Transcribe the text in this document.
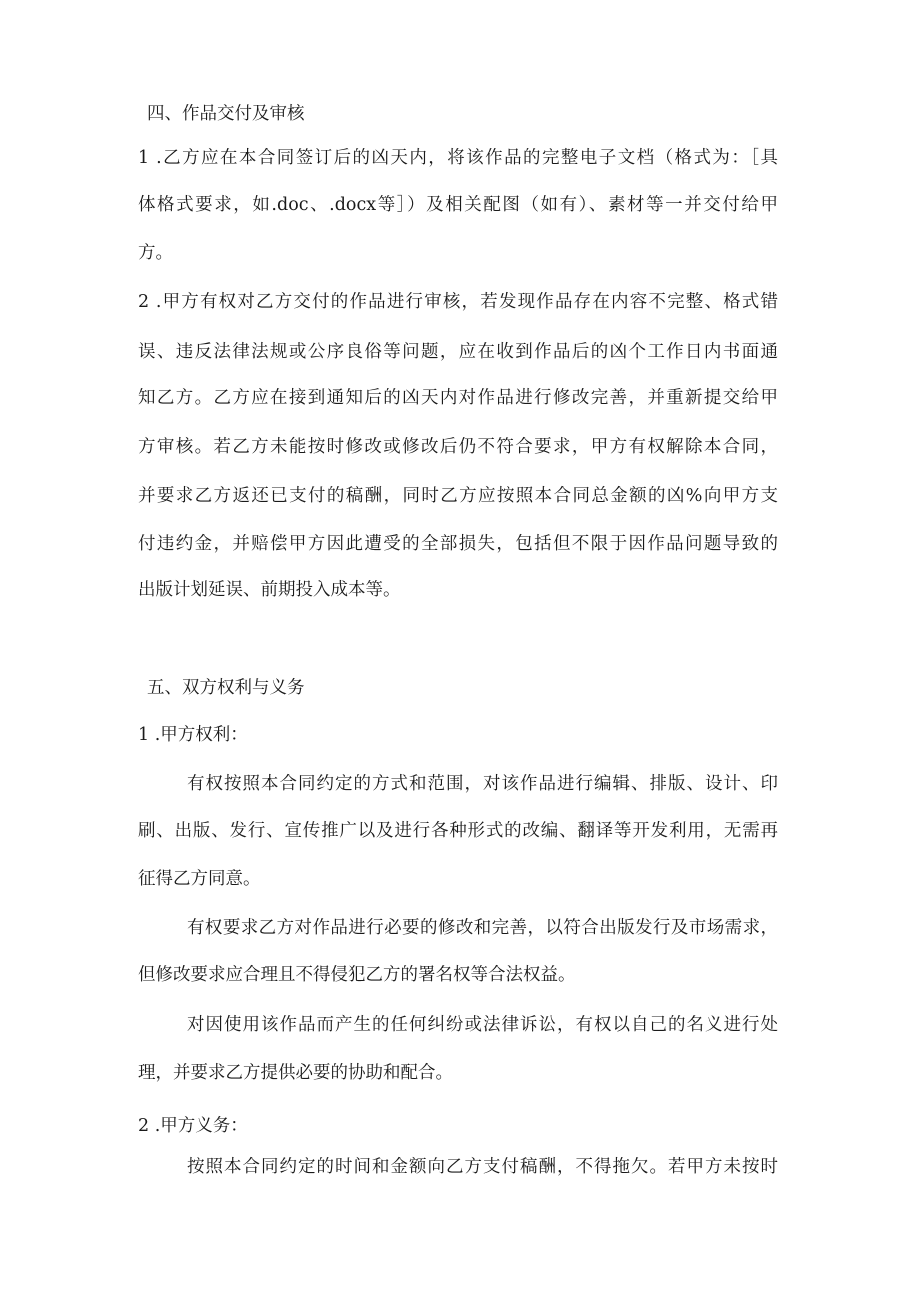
四、作品交付及审核
1 .乙方应在本合同签订后的凶天内，将该作品的完整电子文档（格式为：［具
体格式要求，如.doc、.docx等］）及相关配图（如有）、素材等一并交付给甲
方。
2 .甲方有权对乙方交付的作品进行审核，若发现作品存在内容不完整、格式错
误、违反法律法规或公序良俗等问题，应在收到作品后的凶个工作日内书面通
知乙方。乙方应在接到通知后的凶天内对作品进行修改完善，并重新提交给甲
方审核。若乙方未能按时修改或修改后仍不符合要求，甲方有权解除本合同，
并要求乙方返还已支付的稿酬，同时乙方应按照本合同总金额的凶%向甲方支
付违约金，并赔偿甲方因此遭受的全部损失，包括但不限于因作品问题导致的
出版计划延误、前期投入成本等。
五、双方权利与义务
1 .甲方权利：
有权按照本合同约定的方式和范围，对该作品进行编辑、排版、设计、印
刷、出版、发行、宣传推广以及进行各种形式的改编、翻译等开发利用，无需再
征得乙方同意。
有权要求乙方对作品进行必要的修改和完善，以符合出版发行及市场需求，
但修改要求应合理且不得侵犯乙方的署名权等合法权益。
对因使用该作品而产生的任何纠纷或法律诉讼，有权以自己的名义进行处
理，并要求乙方提供必要的协助和配合。
2 .甲方义务：
按照本合同约定的时间和金额向乙方支付稿酬，不得拖欠。若甲方未按时
